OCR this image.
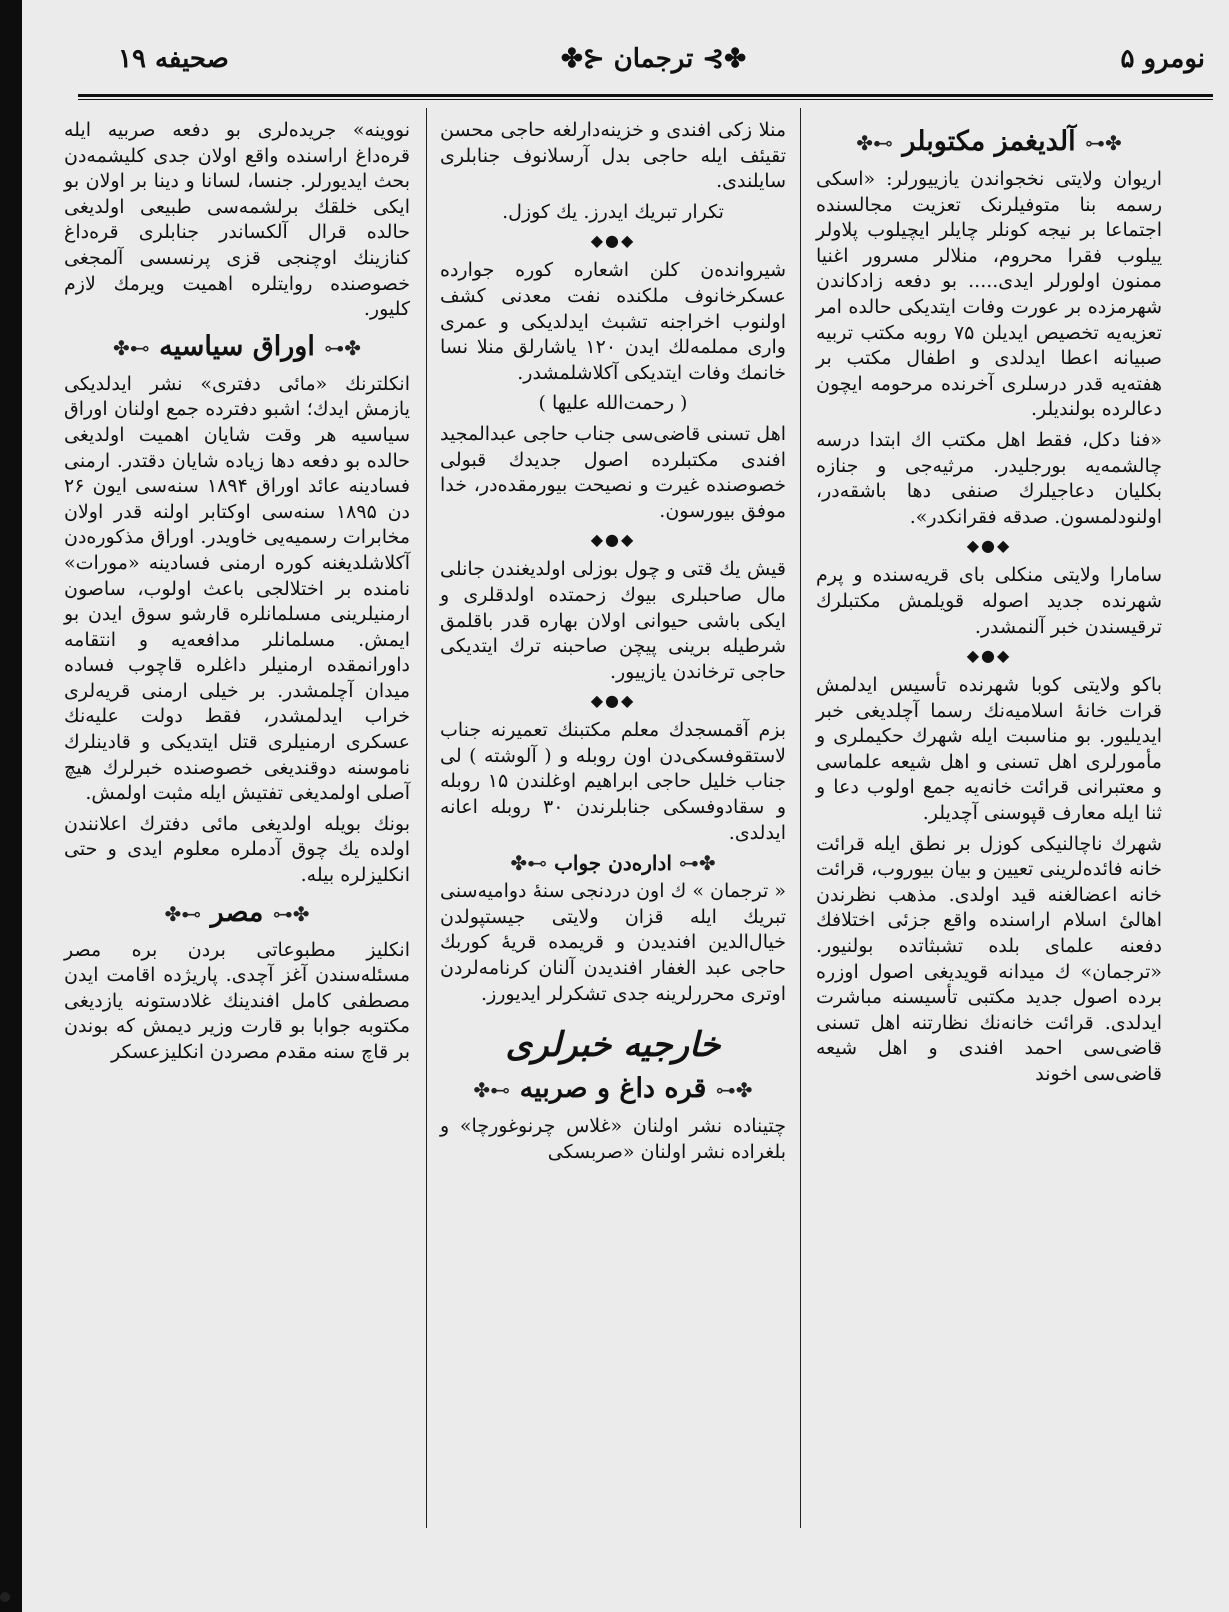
نومرو ۵
✤⊱ ترجمان ⊰✤
صحیفه ۱۹
✤⊷ آلدیغمز مکتوبلر ⊶✤

اریوان ولایتی نخجواندن یازییورلر: «اسکی رسمه بنا متوفیلرنک تعزیت مجالسنده اجتماعا بر نیجه کونلر چایلر ایچیلوب پلاولر ییلوب فقرا محروم، منلالر مسرور اغنیا ممنون اولورلر ایدی..... بو دفعه زادکاندن شهرمزده بر عورت وفات ایتدیکی حالده امر تعزیه‌یه تخصیص ایدیلن ۷۵ روبه مکتب تربیه صبیانه اعطا ایدلدی و اطفال مکتب بر هفته‌یه قدر درسلری آخرنده مرحومه ایچون دعالرده بولندیلر.

«فنا دکل، فقط اهل مکتب اك ابتدا درسه چالشمه‌یه بورجلیدر. مرثیه‌جی و جنازه بکلیان دعاجیلرك صنفی دها باشقه‌در، اولنودلمسون. صدقه فقرانکدر».

◆●◆

سامارا ولایتی منکلی بای قریه‌سنده و پرم شهرنده جدید اصوله قویلمش مکتبلرك ترقیسندن خبر آلنمشدر.

◆●◆

باکو ولایتی کوبا شهرنده تأسیس ایدلمش قرات خانهٔ اسلامیه‌نك رسما آچلدیغی خبر ایدیلیور. بو مناسبت ایله شهرك حکیملری و مأمورلری اهل تسنی و اهل شیعه علماسی و معتبرانی قرائت خانه‌یه جمع اولوب دعا و ثنا ایله معارف قپوسنی آچدیلر.

شهرك ناچالنیکی کوزل بر نطق ایله قرائت خانه فائده‌لرینی تعیین و بیان بیوروب، قرائت خانه اعضالغنه قید اولدی. مذهب نظرندن اهالیٔ اسلام اراسنده واقع جزئی اختلافك دفعنه علمای بلده تشبثاتده بولنیور. «ترجمان» ك میدانه قویدیغی اصول اوزره برده اصول جدید مکتبی تأسیسنه مباشرت ایدلدی. قرائت خانه‌نك نظارتنه اهل تسنی قاضی‌سی احمد افندی و اهل شیعه قاضی‌سی اخوند

منلا زکی افندی و خزینه‌دارلغه حاجی محسن تقیئف ایله حاجی بدل آرسلانوف جنابلری سایلندی.

تکرار تبریك ایدرز. یك کوزل.

◆●◆

شیروانده‌ن کلن اشعاره کوره جوارده عسکرخانوف ملکنده نفت معدنی کشف اولنوب اخراجنه تشبث ایدلدیکی و عمری واری مملمه‌لك ایدن ۱۲۰ یاشارلق منلا نسا خانمك وفات ایتدیکی آکلاشلمشدر.

( رحمت‌الله علیها )

اهل تسنی قاضی‌سی جناب حاجی عبدالمجید افندی مکتبلرده اصول جدیدك قبولی خصوصنده غیرت و نصیحت بیورمقده‌در، خدا موفق بیورسون.

◆●◆

قیش یك قتی و چول بوزلی اولدیغندن جانلی مال صاحبلری بیوك زحمتده اولدقلری و ایکی باشی حیوانی اولان بهاره قدر باقلمق شرطیله برینی پیچن صاحبنه ترك ایتدیکی حاجی ترخاندن یازییور.

◆●◆

بزم آقمسجدك معلم مکتبنك تعمیرنه جناب لاستقوفسکی‌دن اون روبله و ( آلوشته ) لی جناب خلیل حاجی ابراهیم اوغلندن ۱۵ روبله و سقادوفسکی جنابلرندن ۳۰ روبله اعانه ایدلدی.

✤⊷ اداره‌دن جواب ⊶✤

« ترجمان » ك اون دردنجی سنهٔ دوامیه‌سنی تبریك ایله قزان ولایتی جیستپولدن خیال‌الدین افندیدن و قریمده قریهٔ کوربك حاجی عبد الغفار افندیدن آلنان کرنامه‌لردن اوتری محررلرینه جدی تشکرلر ایدیورز.

خارجیه خبرلری
✤⊷ قره داغ و صربیه ⊶✤

چتیناده نشر اولنان «غلاس چرنوغورچا» و بلغراده نشر اولنان «صربسکی

نووینه» جریده‌لری بو دفعه صربیه ایله قره‌داغ اراسنده واقع اولان جدی کلیشمه‌دن بحث ایدیورلر. جنسا، لسانا و دینا بر اولان بو ایکی خلقك برلشمه‌سی طبیعی اولدیغی حالده قرال آلکساندر جنابلری قره‌داغ کنازینك اوچنجی قزی پرنسسی آلمجغی خصوصنده روایتلره اهمیت ویرمك لازم کلیور.

✤⊷ اوراق سیاسیه ⊶✤

انکلترنك «مائی دفتری» نشر ایدلدیکی یازمش ایدك؛ اشبو دفترده جمع اولنان اوراق سیاسیه هر وقت شایان اهمیت اولدیغی حالده بو دفعه دها زیاده شایان دقتدر. ارمنی فسادینه عائد اوراق ۱۸۹۴ سنه‌سی ایون ۲۶ دن ۱۸۹۵ سنه‌سی اوکتابر اولنه قدر اولان مخابرات رسمیه‌یی خاویدر. اوراق مذکوره‌دن آکلاشلدیغنه کوره ارمنی فسادینه «مورات» نامنده بر اختلالجی باعث اولوب، ساصون ارمنیلرینی مسلمانلره قارشو سوق ایدن بو ایمش. مسلمانلر مدافعه‌یه و انتقامه داورانمقده ارمنیلر داغلره قاچوب فساده میدان آچلمشدر. بر خیلی ارمنی قریه‌لری خراب ایدلمشدر، فقط دولت علیه‌نك عسکری ارمنیلری قتل ایتدیکی و قادینلرك ناموسنه دوقندیغی خصوصنده خبرلرك هیچ آصلی اولمدیغی تفتیش ایله مثبت اولمش.

بونك بویله اولدیغی مائی دفترك اعلانندن اولده یك چوق آدملره معلوم ایدی و حتی انکلیزلره بیله.

✤⊷ مصر ⊶✤

انکلیز مطبوعاتی بردن بره مصر مسئله‌سندن آغز آچدی. پاریژده اقامت ایدن مصطفی کامل افندینك غلادستونه یازدیغی مکتوبه جوابا بو قارت وزیر دیمش که بوندن بر قاچ سنه مقدم مصردن انکلیزعسکر
